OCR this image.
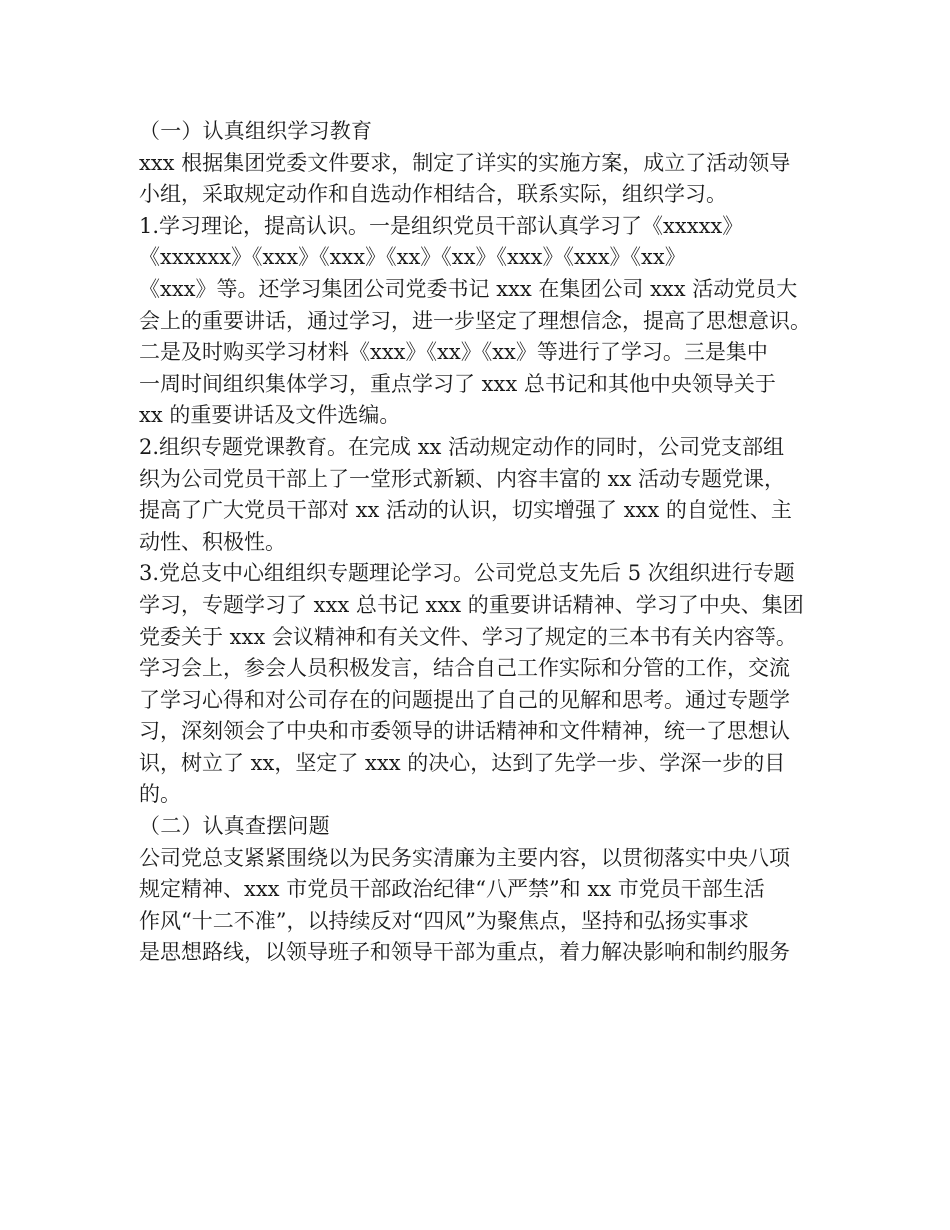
（一）认真组织学习教育
xxx 根据集团党委文件要求，制定了详实的实施方案，成立了活动领导
小组，采取规定动作和自选动作相结合，联系实际，组织学习。
1.学习理论，提高认识。一是组织党员干部认真学习了《xxxxx》
《xxxxxx》《xxx》《xxx》《xx》《xx》《xxx》《xxx》《xx》
《xxx》等。还学习集团公司党委书记 xxx 在集团公司 xxx 活动党员大
会上的重要讲话，通过学习，进一步坚定了理想信念，提高了思想意识。
二是及时购买学习材料《xxx》《xx》《xx》等进行了学习。三是集中
一周时间组织集体学习，重点学习了 xxx 总书记和其他中央领导关于
xx 的重要讲话及文件选编。
2.组织专题党课教育。在完成 xx 活动规定动作的同时，公司党支部组
织为公司党员干部上了一堂形式新颖、内容丰富的 xx 活动专题党课，
提高了广大党员干部对 xx 活动的认识，切实增强了 xxx 的自觉性、主
动性、积极性。
3.党总支中心组组织专题理论学习。公司党总支先后 5 次组织进行专题
学习，专题学习了 xxx 总书记 xxx 的重要讲话精神、学习了中央、集团
党委关于 xxx 会议精神和有关文件、学习了规定的三本书有关内容等。
学习会上，参会人员积极发言，结合自己工作实际和分管的工作，交流
了学习心得和对公司存在的问题提出了自己的见解和思考。通过专题学
习，深刻领会了中央和市委领导的讲话精神和文件精神，统一了思想认
识，树立了 xx，坚定了 xxx 的决心，达到了先学一步、学深一步的目
的。
（二）认真查摆问题
公司党总支紧紧围绕以为民务实清廉为主要内容，以贯彻落实中央八项
规定精神、xxx 市党员干部政治纪律“八严禁”和 xx 市党员干部生活
作风“十二不准”，以持续反对“四风”为聚焦点，坚持和弘扬实事求
是思想路线，以领导班子和领导干部为重点，着力解决影响和制约服务
